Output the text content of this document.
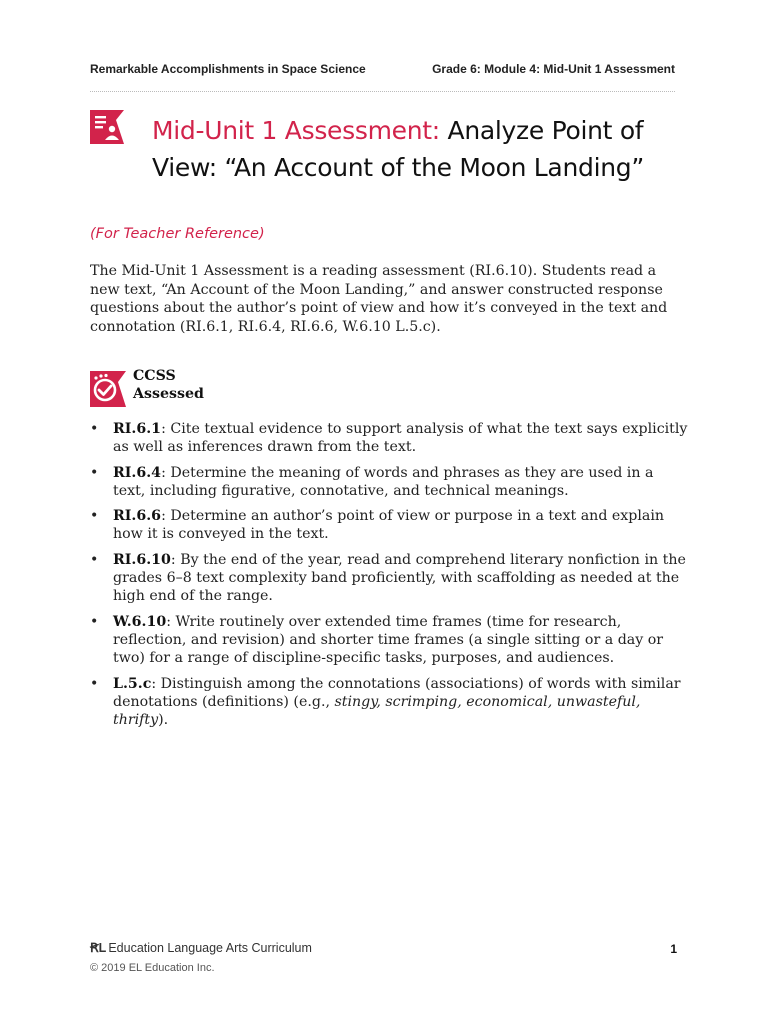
Remarkable Accomplishments in Space Science	Grade 6: Module 4: Mid-Unit 1 Assessment
Mid-Unit 1 Assessment: Analyze Point of View: “An Account of the Moon Landing”
(For Teacher Reference)

The Mid-Unit 1 Assessment is a reading assessment (RI.6.10). Students read a new text, “An Account of the Moon Landing,” and answer constructed response questions about the author’s point of view and how it’s conveyed in the text and connotation (RI.6.1, RI.6.4, RI.6.6, W.6.10 L.5.c).

CCSS Assessed
• RI.6.1: Cite textual evidence to support analysis of what the text says explicitly as well as inferences drawn from the text.
• RI.6.4: Determine the meaning of words and phrases as they are used in a text, including figurative, connotative, and technical meanings.
• RI.6.6: Determine an author’s point of view or purpose in a text and explain how it is conveyed in the text.
• RI.6.10: By the end of the year, read and comprehend literary nonfiction in the grades 6–8 text complexity band proficiently, with scaffolding as needed at the high end of the range.
• W.6.10: Write routinely over extended time frames (time for research, reflection, and revision) and shorter time frames (a single sitting or a day or two) for a range of discipline-specific tasks, purposes, and audiences.
• L.5.c: Distinguish among the connotations (associations) of words with similar denotations (definitions) (e.g., stingy, scrimping, economical, unwasteful, thrifty).
ꞦL Education Language Arts Curriculum
© 2019 EL Education Inc.
1
